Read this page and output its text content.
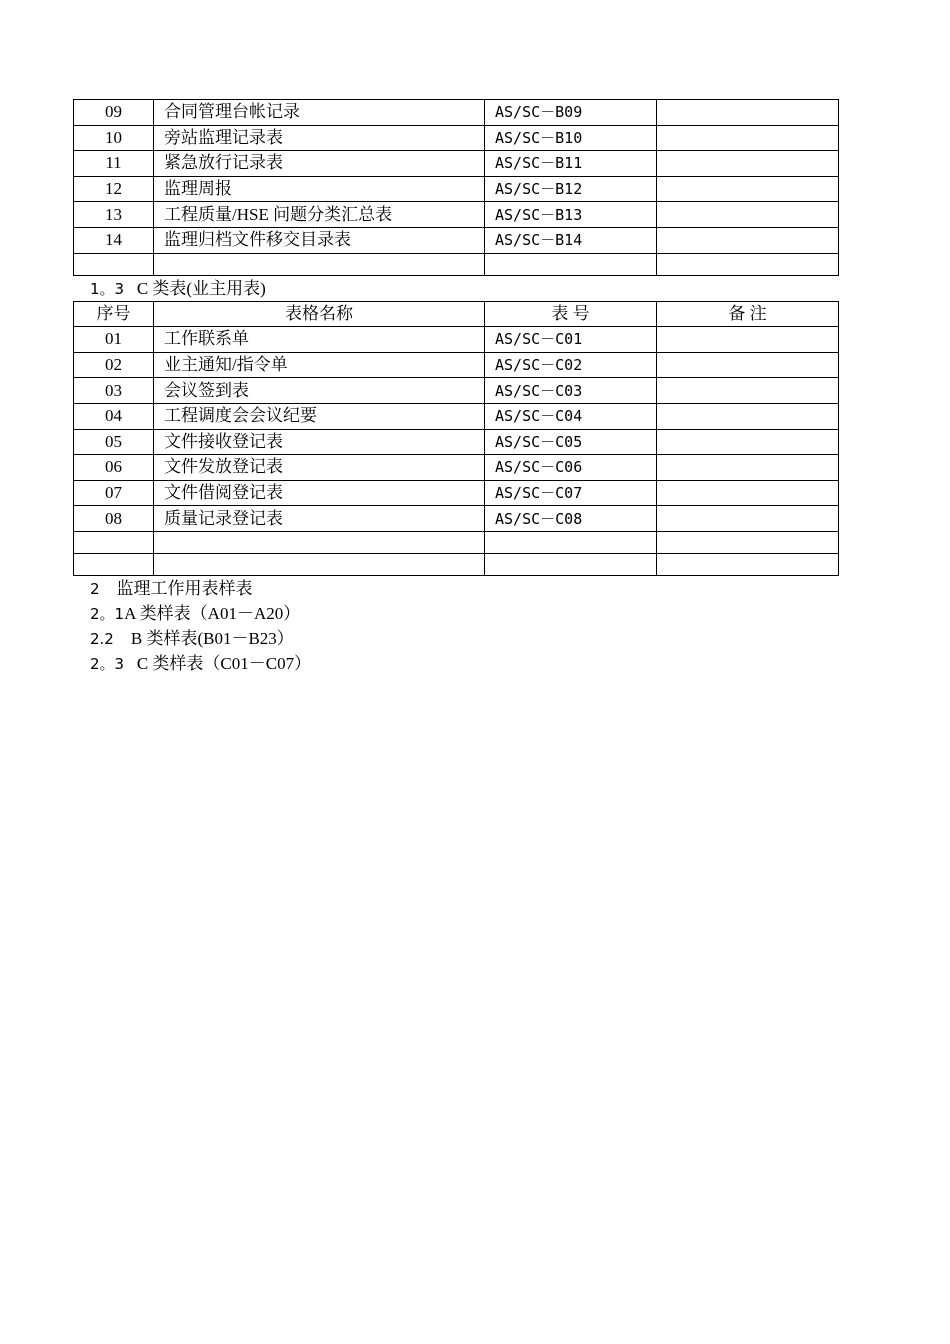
09	合同管理台帐记录	AS/SC－B09	
10	旁站监理记录表	AS/SC－B10	
11	紧急放行记录表	AS/SC－B11	
12	监理周报	AS/SC－B12	
13	工程质量/HSE 问题分类汇总表	AS/SC－B13	
14	监理归档文件移交目录表	AS/SC－B14	

1。3 C 类表(业主用表)
序号	表格名称	表 号	备 注
01	工作联系单	AS/SC－C01	
02	业主通知/指令单	AS/SC－C02	
03	会议签到表	AS/SC－C03	
04	工程调度会会议纪要	AS/SC－C04	
05	文件接收登记表	AS/SC－C05	
06	文件发放登记表	AS/SC－C06	
07	文件借阅登记表	AS/SC－C07	
08	质量记录登记表	AS/SC－C08	

2 监理工作用表样表
2。1A 类样表（A01－A20）
2.2 B 类样表(B01－B23）
2。3 C 类样表（C01－C07）
